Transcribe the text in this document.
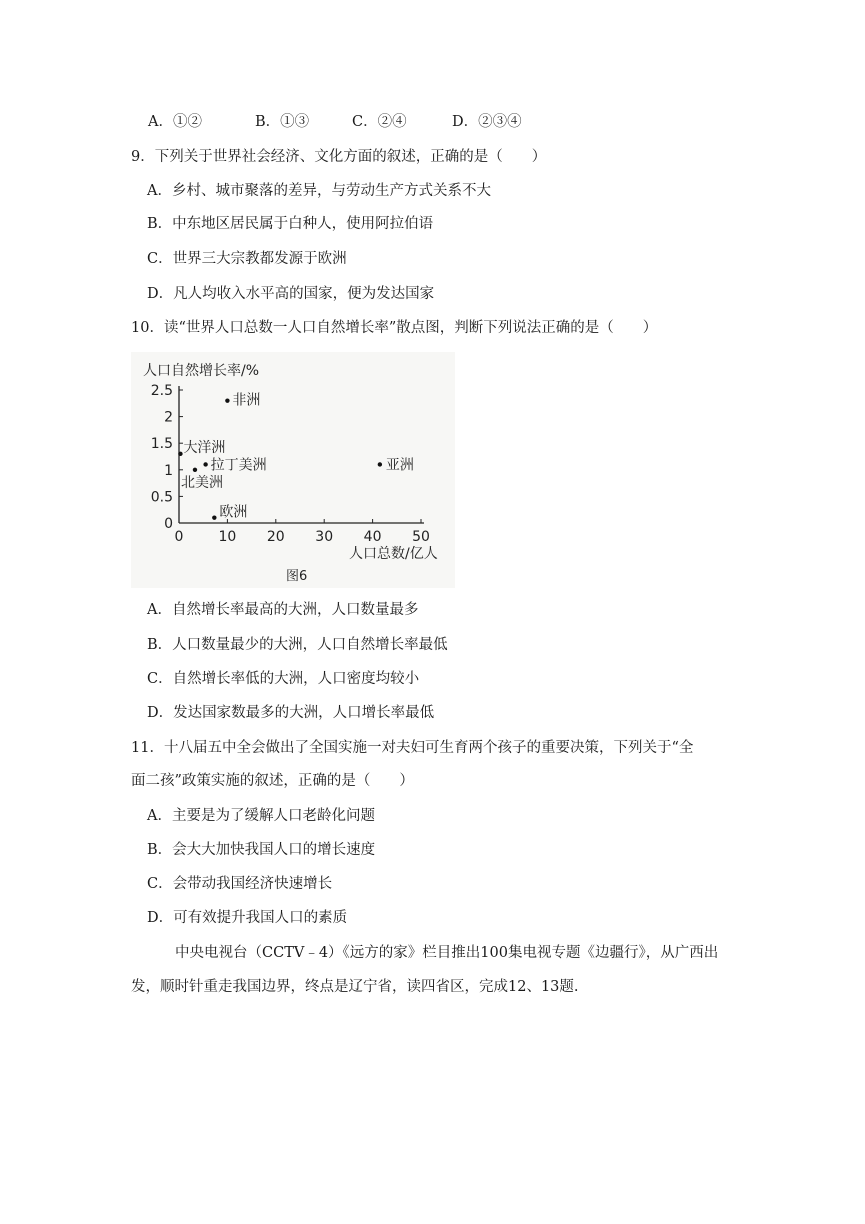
A．①②	B．①③	C．②④	D．②③④
9．下列关于世界社会经济、文化方面的叙述，正确的是（　　）
A．乡村、城市聚落的差异，与劳动生产方式关系不大
B．中东地区居民属于白种人，使用阿拉伯语
C．世界三大宗教都发源于欧洲
D．凡人均收入水平高的国家，便为发达国家
10．读“世界人口总数一人口自然增长率”散点图，判断下列说法正确的是（　　）
人口自然增长率/%
0
0.5
1
1.5
2
2.5
0	10 20 30 40 50
非洲
大洋洲
拉丁美洲
北美洲
亚洲
欧洲
人口总数/亿人
图6
A．自然增长率最高的大洲，人口数量最多
B．人口数量最少的大洲，人口自然增长率最低
C．自然增长率低的大洲，人口密度均较小
D．发达国家数最多的大洲，人口增长率最低
11．十八届五中全会做出了全国实施一对夫妇可生育两个孩子的重要决策，下列关于“全
面二孩”政策实施的叙述，正确的是（　　）
A．主要是为了缓解人口老龄化问题
B．会大大加快我国人口的增长速度
C．会带动我国经济快速增长
D．可有效提升我国人口的素质
中央电视台（CCTV﹣4）《远方的家》栏目推出100集电视专题《边疆行》，从广西出
发，顺时针重走我国边界，终点是辽宁省，读四省区，完成12、13题.
